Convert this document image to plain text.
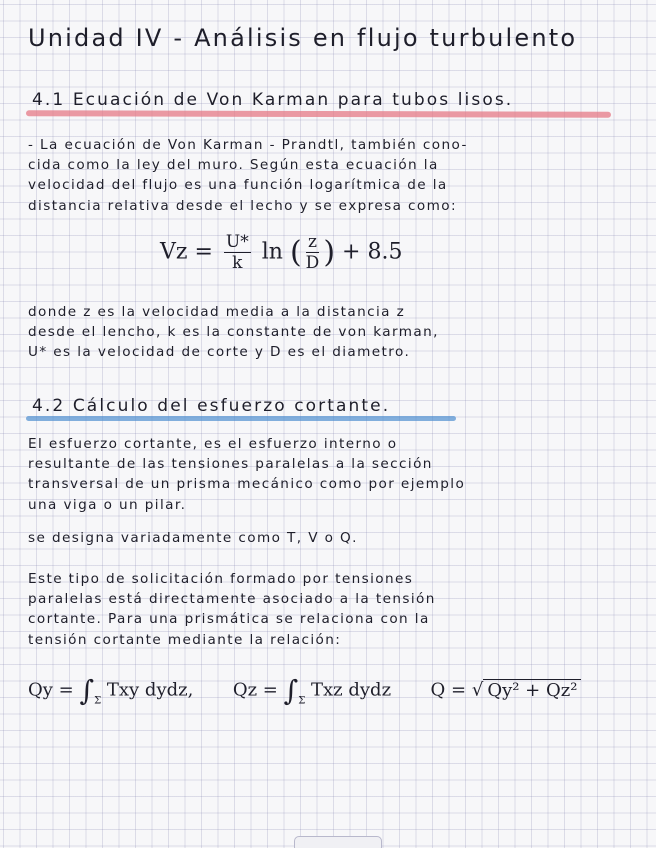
Unidad IV - Análisis en flujo turbulento
4.1 Ecuación de Von Karman para tubos lisos.
- La ecuación de Von Karman - Prandtl, también cono-
cida como la ley del muro. Según esta ecuación la
velocidad del flujo es una función logarítmica de la
distancia relativa desde el lecho y se expresa como:
$Vz = \frac{U*}{k}$ ln ( $\frac{z}{D}$ ) + 8.5
donde z es la velocidad media a la distancia z
desde el lencho, k es la constante de von karman,
U* es la velocidad de corte y D es el diametro.
4.2 Cálculo del esfuerzo cortante.
El esfuerzo cortante, es el esfuerzo interno o
resultante de las tensiones paralelas a la sección
transversal de un prisma mecánico como por ejemplo
una viga o un pilar.
se designa variadamente como T, V o Q.
Este tipo de solicitación formado por tensiones
paralelas está directamente asociado a la tensión
cortante. Para una prismática se relaciona con la
tensión cortante mediante la relación:
$Qy = \int_\Sigma$ Txy dydz, $Qz = \int_\Sigma$ Txz dydz Q = √ Qy² + Qz²
